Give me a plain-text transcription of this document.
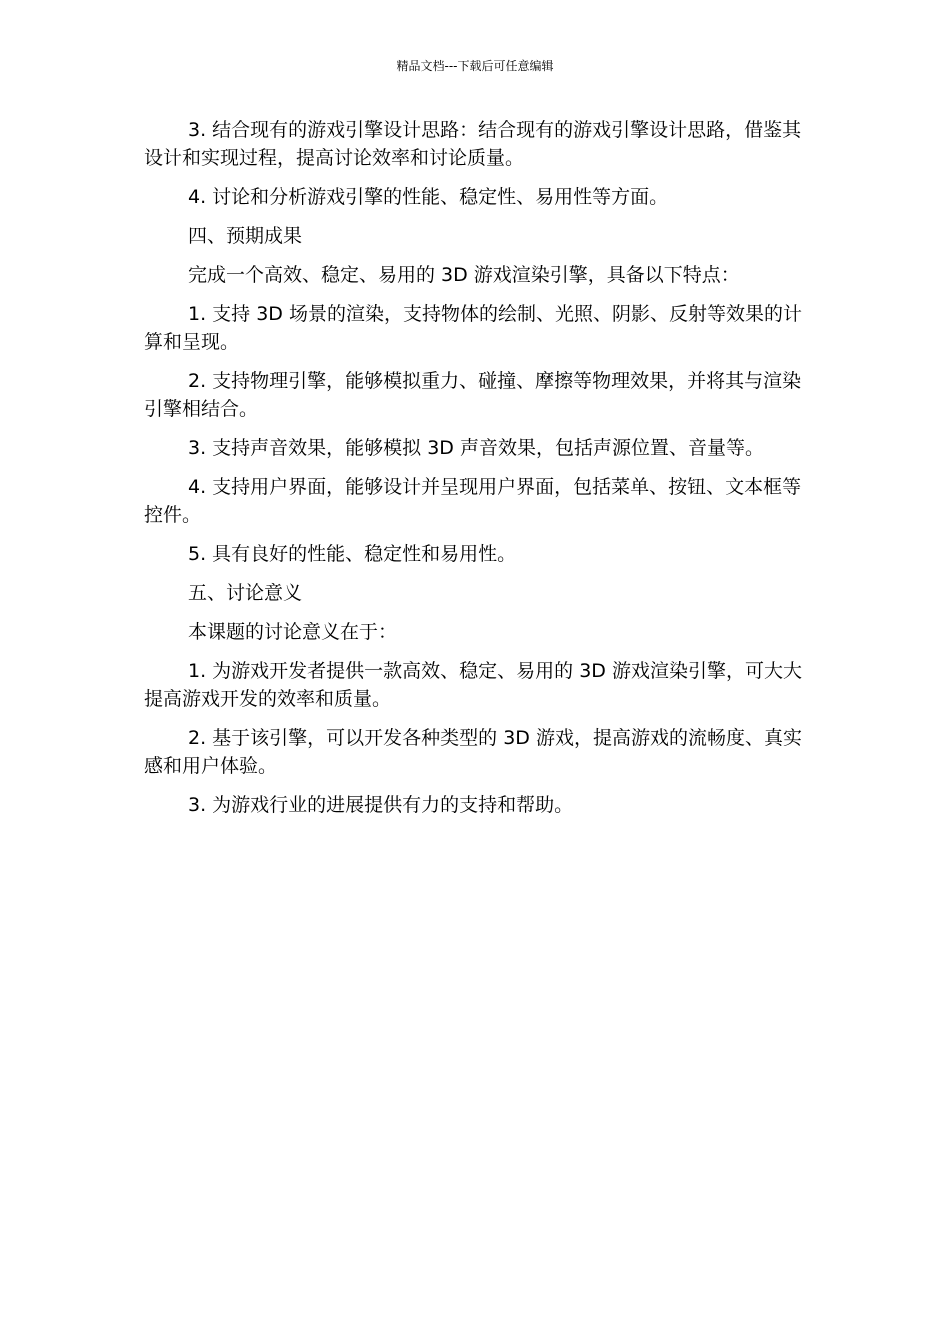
精品文档---下载后可任意编辑

3. 结合现有的游戏引擎设计思路：结合现有的游戏引擎设计思路，借鉴其设计和实现过程，提高讨论效率和讨论质量。

4. 讨论和分析游戏引擎的性能、稳定性、易用性等方面。

四、预期成果

完成一个高效、稳定、易用的 3D 游戏渲染引擎，具备以下特点：

1. 支持 3D 场景的渲染，支持物体的绘制、光照、阴影、反射等效果的计算和呈现。

2. 支持物理引擎，能够模拟重力、碰撞、摩擦等物理效果，并将其与渲染引擎相结合。

3. 支持声音效果，能够模拟 3D 声音效果，包括声源位置、音量等。

4. 支持用户界面，能够设计并呈现用户界面，包括菜单、按钮、文本框等控件。

5. 具有良好的性能、稳定性和易用性。

五、讨论意义

本课题的讨论意义在于：

1. 为游戏开发者提供一款高效、稳定、易用的 3D 游戏渲染引擎，可大大提高游戏开发的效率和质量。

2. 基于该引擎，可以开发各种类型的 3D 游戏，提高游戏的流畅度、真实感和用户体验。

3. 为游戏行业的进展提供有力的支持和帮助。
